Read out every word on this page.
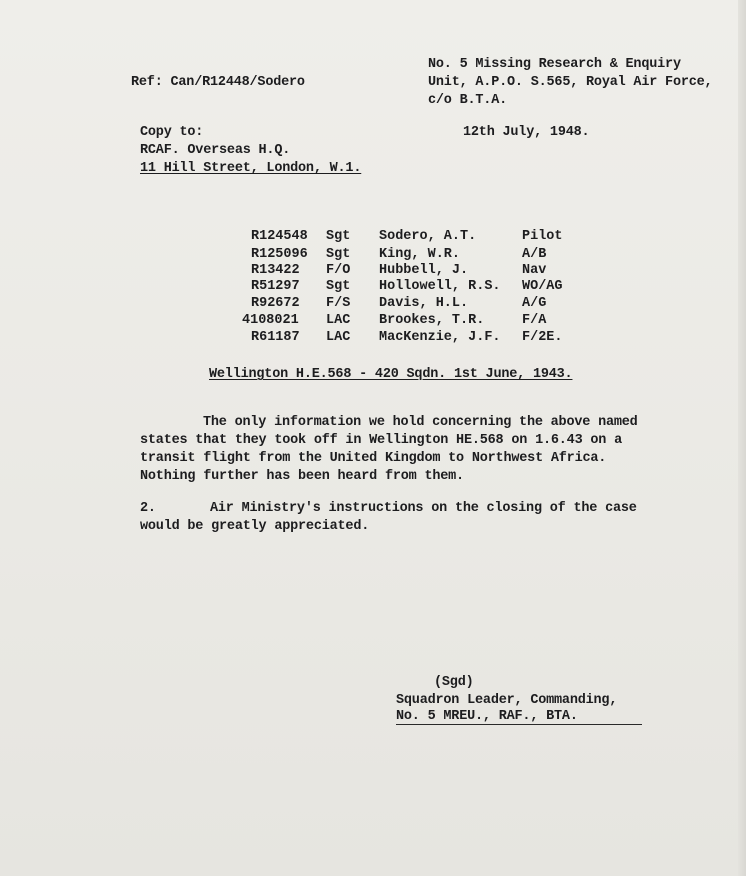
Ref: Can/R12448/Sodero
No. 5 Missing Research & Enquiry
Unit, A.P.O. S.565, Royal Air Force,
c/o B.T.A.
Copy to:
RCAF. Overseas H.Q.
11 Hill Street, London, W.1.
12th July, 1948.
R124548 Sgt Sodero, A.T.	Pilot
R125096 Sgt King, W.R.	A/B
R13422 F/O Hubbell, J.	Nav
R51297 Sgt Hollowell, R.S. WO/AG
R92672 F/S Davis, H.L.	A/G
4108021 LAC Brookes, T.R.	F/A
R61187 LAC MacKenzie, J.F. F/2E.
Wellington H.E.568 - 420 Sqdn. 1st June, 1943.
The only information we hold concerning the above named
states that they took off in Wellington HE.568 on 1.6.43 on a
transit flight from the United Kingdom to Northwest Africa.
Nothing further has been heard from them.
2.	Air Ministry's instructions on the closing of the case
would be greatly appreciated.
(Sgd)
Squadron Leader, Commanding,
No. 5 MREU., RAF., BTA.
